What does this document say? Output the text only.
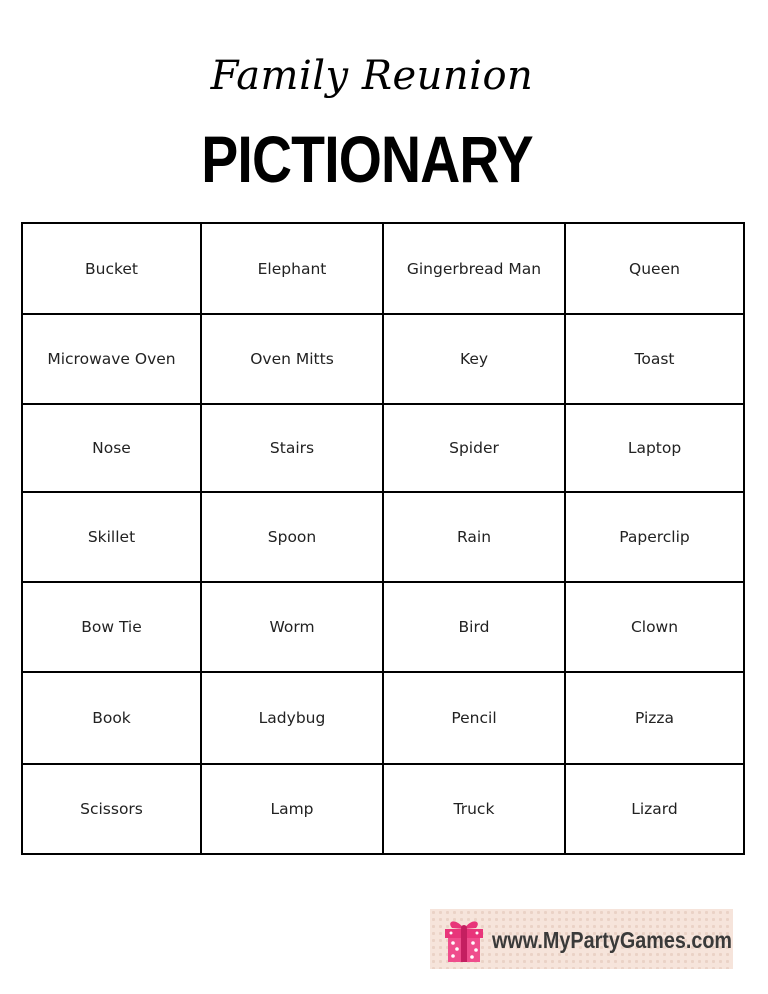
Family Reunion
PICTIONARY
Bucket	Elephant	Gingerbread Man	Queen
Microwave Oven	Oven Mitts	Key	Toast
Nose	Stairs	Spider	Laptop
Skillet	Spoon	Rain	Paperclip
Bow Tie	Worm	Bird	Clown
Book	Ladybug	Pencil	Pizza
Scissors	Lamp	Truck	Lizard
www.MyPartyGames.com
